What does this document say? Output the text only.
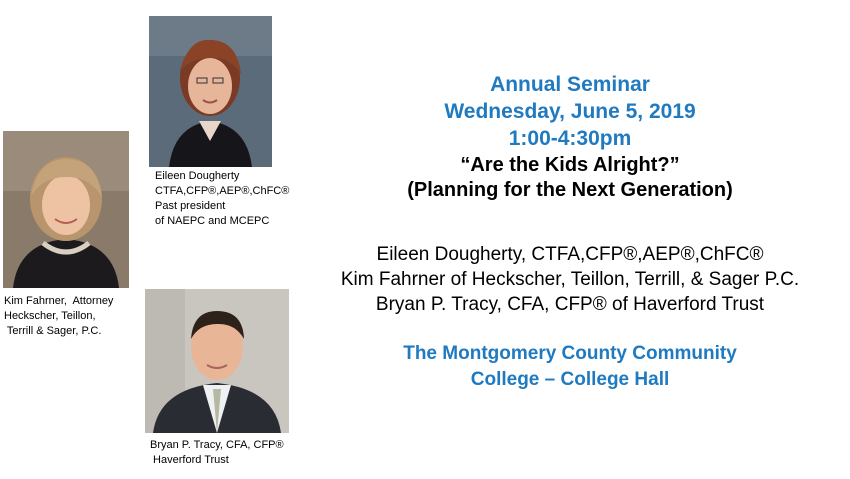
Eileen Dougherty
CTFA,CFP®,AEP®,ChFC®
Past president
of NAEPC and MCEPC
Kim Fahrner,  Attorney
Heckscher, Teillon,
Terrill & Sager, P.C.
Bryan P. Tracy, CFA, CFP®
Haverford Trust
Annual Seminar
Wednesday, June 5, 2019
1:00-4:30pm
“Are the Kids Alright?”
(Planning for the Next Generation)
Eileen Dougherty, CTFA,CFP®,AEP®,ChFC®
Kim Fahrner of Heckscher, Teillon, Terrill, & Sager P.C.
Bryan P. Tracy, CFA, CFP® of Haverford Trust
The Montgomery County Community
College – College Hall
